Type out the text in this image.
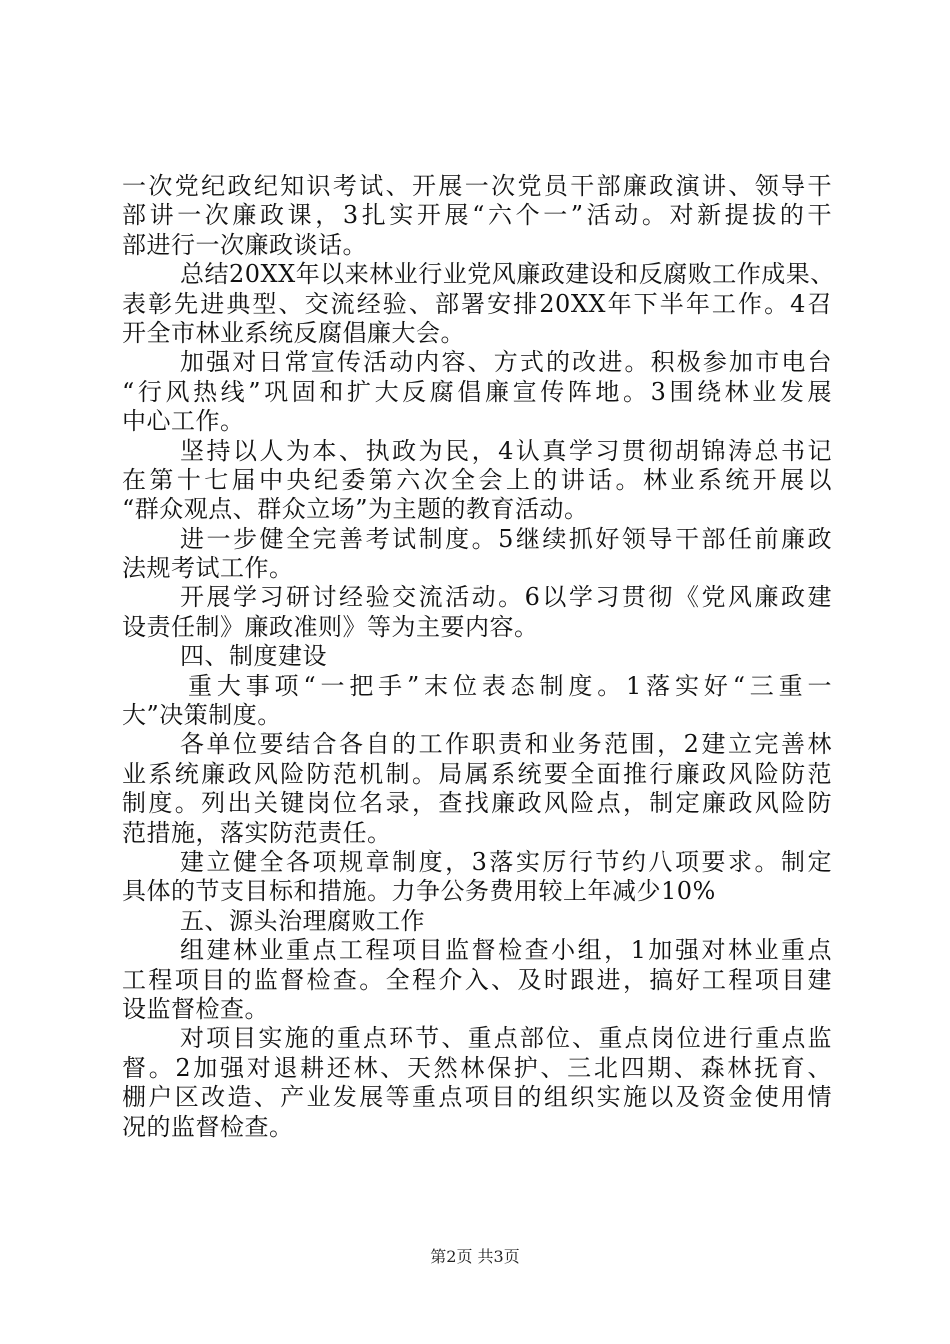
一次党纪政纪知识考试、开展一次党员干部廉政演讲、领导干
部讲一次廉政课，3扎实开展“六个一”活动。对新提拔的干
部进行一次廉政谈话。
总结20XX年以来林业行业党风廉政建设和反腐败工作成果、
表彰先进典型、交流经验、部署安排20XX年下半年工作。4召
开全市林业系统反腐倡廉大会。
加强对日常宣传活动内容、方式的改进。积极参加市电台
“行风热线”巩固和扩大反腐倡廉宣传阵地。3围绕林业发展
中心工作。
坚持以人为本、执政为民，4认真学习贯彻胡锦涛总书记
在第十七届中央纪委第六次全会上的讲话。林业系统开展以
“群众观点、群众立场”为主题的教育活动。
进一步健全完善考试制度。5继续抓好领导干部任前廉政
法规考试工作。
开展学习研讨经验交流活动。6以学习贯彻《党风廉政建
设责任制》廉政准则》等为主要内容。
四、制度建设
重大事项“一把手”末位表态制度。1落实好“三重一
大”决策制度。
各单位要结合各自的工作职责和业务范围，2建立完善林
业系统廉政风险防范机制。局属系统要全面推行廉政风险防范
制度。列出关键岗位名录，查找廉政风险点，制定廉政风险防
范措施，落实防范责任。
建立健全各项规章制度，3落实厉行节约八项要求。制定
具体的节支目标和措施。力争公务费用较上年减少10%
五、源头治理腐败工作
组建林业重点工程项目监督检查小组，1加强对林业重点
工程项目的监督检查。全程介入、及时跟进，搞好工程项目建
设监督检查。
对项目实施的重点环节、重点部位、重点岗位进行重点监
督。2加强对退耕还林、天然林保护、三北四期、森林抚育、
棚户区改造、产业发展等重点项目的组织实施以及资金使用情
况的监督检查。
第2页 共3页
